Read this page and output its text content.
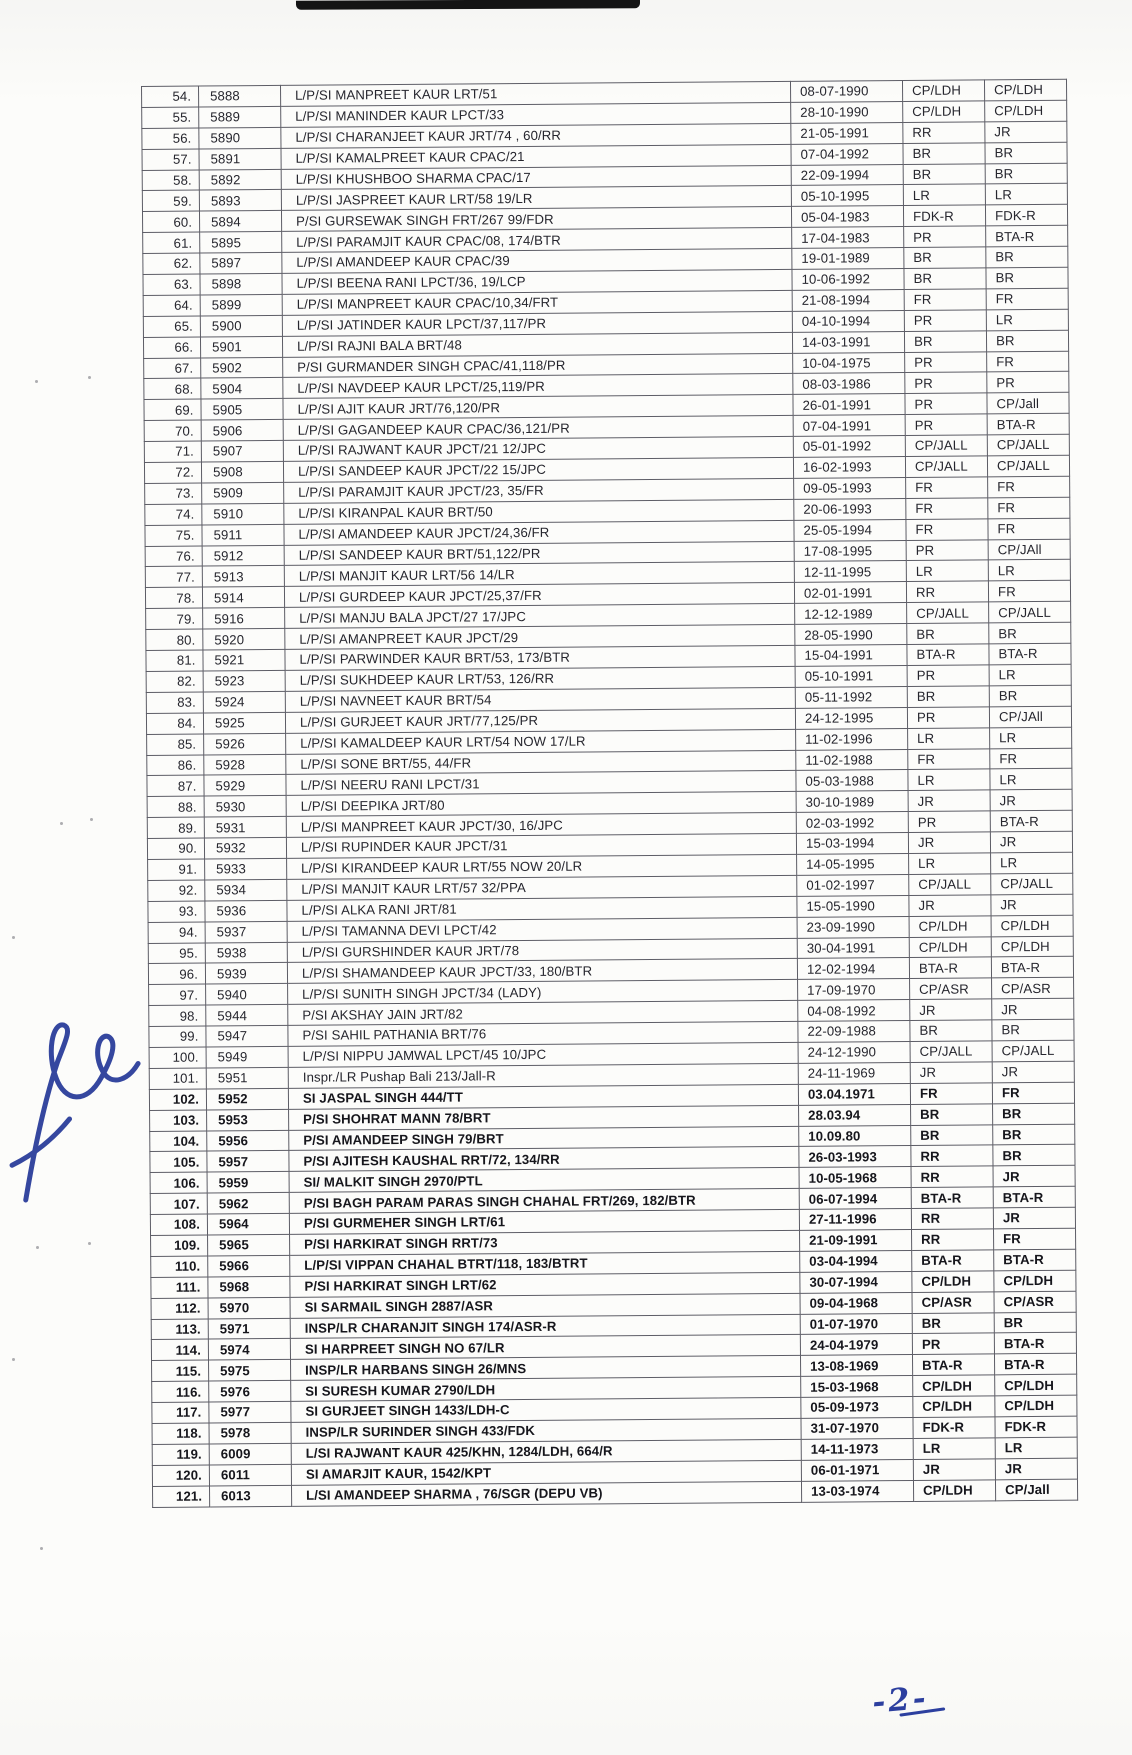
54.	5888	L/P/SI MANPREET KAUR LRT/51	08-07-1990	CP/LDH	CP/LDH
55.	5889	L/P/SI MANINDER KAUR LPCT/33	28-10-1990	CP/LDH	CP/LDH
56.	5890	L/P/SI CHARANJEET KAUR JRT/74 , 60/RR	21-05-1991	RR	JR
57.	5891	L/P/SI KAMALPREET KAUR CPAC/21	07-04-1992	BR	BR
58.	5892	L/P/SI KHUSHBOO SHARMA CPAC/17	22-09-1994	BR	BR
59.	5893	L/P/SI JASPREET KAUR LRT/58 19/LR	05-10-1995	LR	LR
60.	5894	P/SI GURSEWAK SINGH FRT/267 99/FDR	05-04-1983	FDK-R	FDK-R
61.	5895	L/P/SI PARAMJIT KAUR CPAC/08, 174/BTR	17-04-1983	PR	BTA-R
62.	5897	L/P/SI AMANDEEP KAUR CPAC/39	19-01-1989	BR	BR
63.	5898	L/P/SI BEENA RANI LPCT/36, 19/LCP	10-06-1992	BR	BR
64.	5899	L/P/SI MANPREET KAUR CPAC/10,34/FRT	21-08-1994	FR	FR
65.	5900	L/P/SI JATINDER KAUR LPCT/37,117/PR	04-10-1994	PR	LR
66.	5901	L/P/SI RAJNI BALA BRT/48	14-03-1991	BR	BR
67.	5902	P/SI GURMANDER SINGH CPAC/41,118/PR	10-04-1975	PR	FR
68.	5904	L/P/SI NAVDEEP KAUR LPCT/25,119/PR	08-03-1986	PR	PR
69.	5905	L/P/SI AJIT KAUR JRT/76,120/PR	26-01-1991	PR	CP/Jall
70.	5906	L/P/SI GAGANDEEP KAUR CPAC/36,121/PR	07-04-1991	PR	BTA-R
71.	5907	L/P/SI RAJWANT KAUR JPCT/21 12/JPC	05-01-1992	CP/JALL	CP/JALL
72.	5908	L/P/SI SANDEEP KAUR JPCT/22 15/JPC	16-02-1993	CP/JALL	CP/JALL
73.	5909	L/P/SI PARAMJIT KAUR JPCT/23, 35/FR	09-05-1993	FR	FR
74.	5910	L/P/SI KIRANPAL KAUR BRT/50	20-06-1993	FR	FR
75.	5911	L/P/SI AMANDEEP KAUR JPCT/24,36/FR	25-05-1994	FR	FR
76.	5912	L/P/SI SANDEEP KAUR BRT/51,122/PR	17-08-1995	PR	CP/JAll
77.	5913	L/P/SI MANJIT KAUR LRT/56 14/LR	12-11-1995	LR	LR
78.	5914	L/P/SI GURDEEP KAUR JPCT/25,37/FR	02-01-1991	RR	FR
79.	5916	L/P/SI MANJU BALA JPCT/27 17/JPC	12-12-1989	CP/JALL	CP/JALL
80.	5920	L/P/SI AMANPREET KAUR JPCT/29	28-05-1990	BR	BR
81.	5921	L/P/SI PARWINDER KAUR BRT/53, 173/BTR	15-04-1991	BTA-R	BTA-R
82.	5923	L/P/SI SUKHDEEP KAUR LRT/53, 126/RR	05-10-1991	PR	LR
83.	5924	L/P/SI NAVNEET KAUR BRT/54	05-11-1992	BR	BR
84.	5925	L/P/SI GURJEET KAUR JRT/77,125/PR	24-12-1995	PR	CP/JAll
85.	5926	L/P/SI KAMALDEEP KAUR LRT/54 NOW 17/LR	11-02-1996	LR	LR
86.	5928	L/P/SI SONE BRT/55, 44/FR	11-02-1988	FR	FR
87.	5929	L/P/SI NEERU RANI LPCT/31	05-03-1988	LR	LR
88.	5930	L/P/SI DEEPIKA JRT/80	30-10-1989	JR	JR
89.	5931	L/P/SI MANPREET KAUR JPCT/30, 16/JPC	02-03-1992	PR	BTA-R
90.	5932	L/P/SI RUPINDER KAUR JPCT/31	15-03-1994	JR	JR
91.	5933	L/P/SI KIRANDEEP KAUR LRT/55 NOW 20/LR	14-05-1995	LR	LR
92.	5934	L/P/SI MANJIT KAUR LRT/57 32/PPA	01-02-1997	CP/JALL	CP/JALL
93.	5936	L/P/SI ALKA RANI JRT/81	15-05-1990	JR	JR
94.	5937	L/P/SI TAMANNA DEVI LPCT/42	23-09-1990	CP/LDH	CP/LDH
95.	5938	L/P/SI GURSHINDER KAUR JRT/78	30-04-1991	CP/LDH	CP/LDH
96.	5939	L/P/SI SHAMANDEEP KAUR JPCT/33, 180/BTR	12-02-1994	BTA-R	BTA-R
97.	5940	L/P/SI SUNITH SINGH JPCT/34 (LADY)	17-09-1970	CP/ASR	CP/ASR
98.	5944	P/SI AKSHAY JAIN JRT/82	04-08-1992	JR	JR
99.	5947	P/SI SAHIL PATHANIA BRT/76	22-09-1988	BR	BR
100.	5949	L/P/SI NIPPU JAMWAL LPCT/45 10/JPC	24-12-1990	CP/JALL	CP/JALL
101.	5951	Inspr./LR Pushap Bali 213/Jall-R	24-11-1969	JR	JR
102.	5952	SI JASPAL SINGH 444/TT	03.04.1971	FR	FR
103.	5953	P/SI SHOHRAT MANN 78/BRT	28.03.94	BR	BR
104.	5956	P/SI AMANDEEP SINGH 79/BRT	10.09.80	BR	BR
105.	5957	P/SI AJITESH KAUSHAL RRT/72, 134/RR	26-03-1993	RR	BR
106.	5959	SI/ MALKIT SINGH 2970/PTL	10-05-1968	RR	JR
107.	5962	P/SI BAGH PARAM PARAS SINGH CHAHAL FRT/269, 182/BTR	06-07-1994	BTA-R	BTA-R
108.	5964	P/SI GURMEHER SINGH LRT/61	27-11-1996	RR	JR
109.	5965	P/SI HARKIRAT SINGH RRT/73	21-09-1991	RR	FR
110.	5966	L/P/SI VIPPAN CHAHAL BTRT/118, 183/BTRT	03-04-1994	BTA-R	BTA-R
111.	5968	P/SI HARKIRAT SINGH LRT/62	30-07-1994	CP/LDH	CP/LDH
112.	5970	SI SARMAIL SINGH 2887/ASR	09-04-1968	CP/ASR	CP/ASR
113.	5971	INSP/LR CHARANJIT SINGH 174/ASR-R	01-07-1970	BR	BR
114.	5974	SI HARPREET SINGH NO 67/LR	24-04-1979	PR	BTA-R
115.	5975	INSP/LR HARBANS SINGH 26/MNS	13-08-1969	BTA-R	BTA-R
116.	5976	SI SURESH KUMAR 2790/LDH	15-03-1968	CP/LDH	CP/LDH
117.	5977	SI GURJEET SINGH 1433/LDH-C	05-09-1973	CP/LDH	CP/LDH
118.	5978	INSP/LR SURINDER SINGH 433/FDK	31-07-1970	FDK-R	FDK-R
119.	6009	L/SI RAJWANT KAUR 425/KHN, 1284/LDH, 664/R	14-11-1973	LR	LR
120.	6011	SI AMARJIT KAUR, 1542/KPT	06-01-1971	JR	JR
121.	6013	L/SI AMANDEEP SHARMA , 76/SGR (DEPU VB)	13-03-1974	CP/LDH	CP/Jall
-2-
